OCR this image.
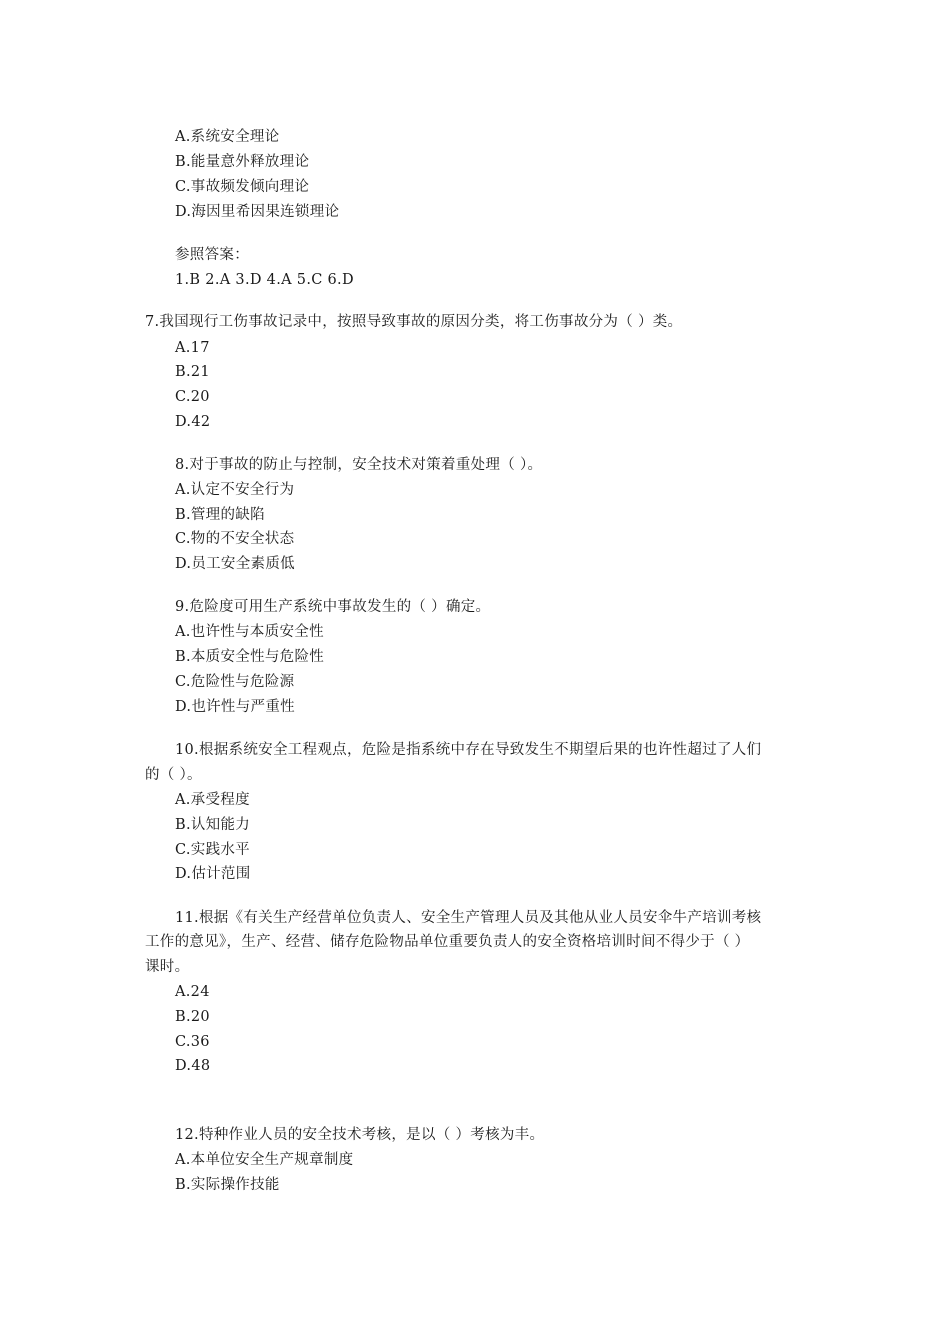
A.系统安全理论
B.能量意外释放理论
C.事故频发倾向理论
D.海因里希因果连锁理论
参照答案：
1.B 2.A 3.D 4.A 5.C 6.D
7.我国现行工伤事故记录中，按照导致事故的原因分类，将工伤事故分为（ ）类。
A.17
B.21
C.20
D.42
8.对于事故的防止与控制，安全技术对策着重处理（ ）。
A.认定不安全行为
B.管理的缺陷
C.物的不安全状态
D.员工安全素质低
9.危险度可用生产系统中事故发生的（ ）确定。
A.也许性与本质安全性
B.本质安全性与危险性
C.危险性与危险源
D.也许性与严重性
10.根据系统安全工程观点，危险是指系统中存在导致发生不期望后果的也许性超过了人们
的（ ）。
A.承受程度
B.认知能力
C.实践水平
D.估计范围
11.根据《有关生产经营单位负责人、安全生产管理人员及其他从业人员安伞牛产培训考核
工作的意见》，生产、经营、储存危险物品单位重要负责人的安全资格培训时间不得少于（ ）
课时。
A.24
B.20
C.36
D.48
12.特种作业人员的安全技术考核，是以（ ）考核为丰。
A.本单位安全生产规章制度
B.实际操作技能
